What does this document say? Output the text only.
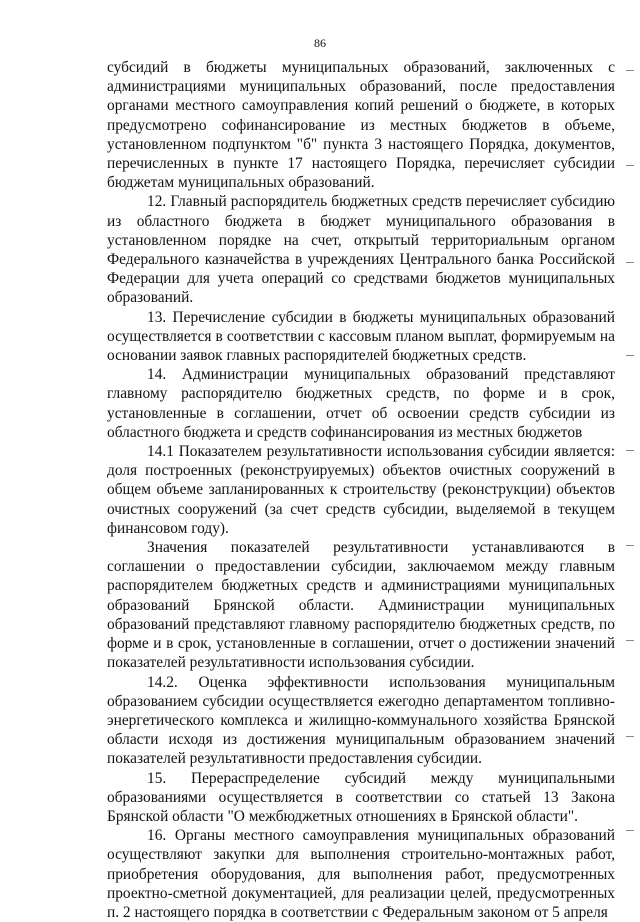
86

субсидий в бюджеты муниципальных образований, заключенных с администрациями муниципальных образований, после предоставления органами местного самоуправления копий решений о бюджете, в которых предусмотрено софинансирование из местных бюджетов в объеме, установленном подпунктом "б" пункта 3 настоящего Порядка, документов, перечисленных в пункте 17 настоящего Порядка, перечисляет субсидии бюджетам муниципальных образований.

12. Главный распорядитель бюджетных средств перечисляет субсидию из областного бюджета в бюджет муниципального образования в установленном порядке на счет, открытый территориальным органом Федерального казначейства в учреждениях Центрального банка Российской Федерации для учета операций со средствами бюджетов муниципальных образований.

13. Перечисление субсидии в бюджеты муниципальных образований осуществляется в соответствии с кассовым планом выплат, формируемым на основании заявок главных распорядителей бюджетных средств.

14. Администрации муниципальных образований представляют главному распорядителю бюджетных средств, по форме и в срок, установленные в соглашении, отчет об освоении средств субсидии из областного бюджета и средств софинансирования из местных бюджетов

14.1 Показателем результативности использования субсидии является: доля построенных (реконструируемых) объектов очистных сооружений в общем объеме запланированных к строительству (реконструкции) объектов очистных сооружений (за счет средств субсидии, выделяемой в текущем финансовом году).

Значения показателей результативности устанавливаются в соглашении о предоставлении субсидии, заключаемом между главным распорядителем бюджетных средств и администрациями муниципальных образований Брянской области. Администрации муниципальных образований представляют главному распорядителю бюджетных средств, по форме и в срок, установленные в соглашении, отчет о достижении значений показателей результативности использования субсидии.

14.2. Оценка эффективности использования муниципальным образованием субсидии осуществляется ежегодно департаментом топливно-энергетического комплекса и жилищно-коммунального хозяйства Брянской области исходя из достижения муниципальным образованием значений показателей результативности предоставления субсидии.

15. Перераспределение субсидий между муниципальными образованиями осуществляется в соответствии со статьей 13 Закона Брянской области "О межбюджетных отношениях в Брянской области".

16. Органы местного самоуправления муниципальных образований осуществляют закупки для выполнения строительно-монтажных работ, приобретения оборудования, для выполнения работ, предусмотренных проектно-сметной документацией, для реализации целей, предусмотренных п. 2 настоящего порядка в соответствии с Федеральным законом от 5 апреля
